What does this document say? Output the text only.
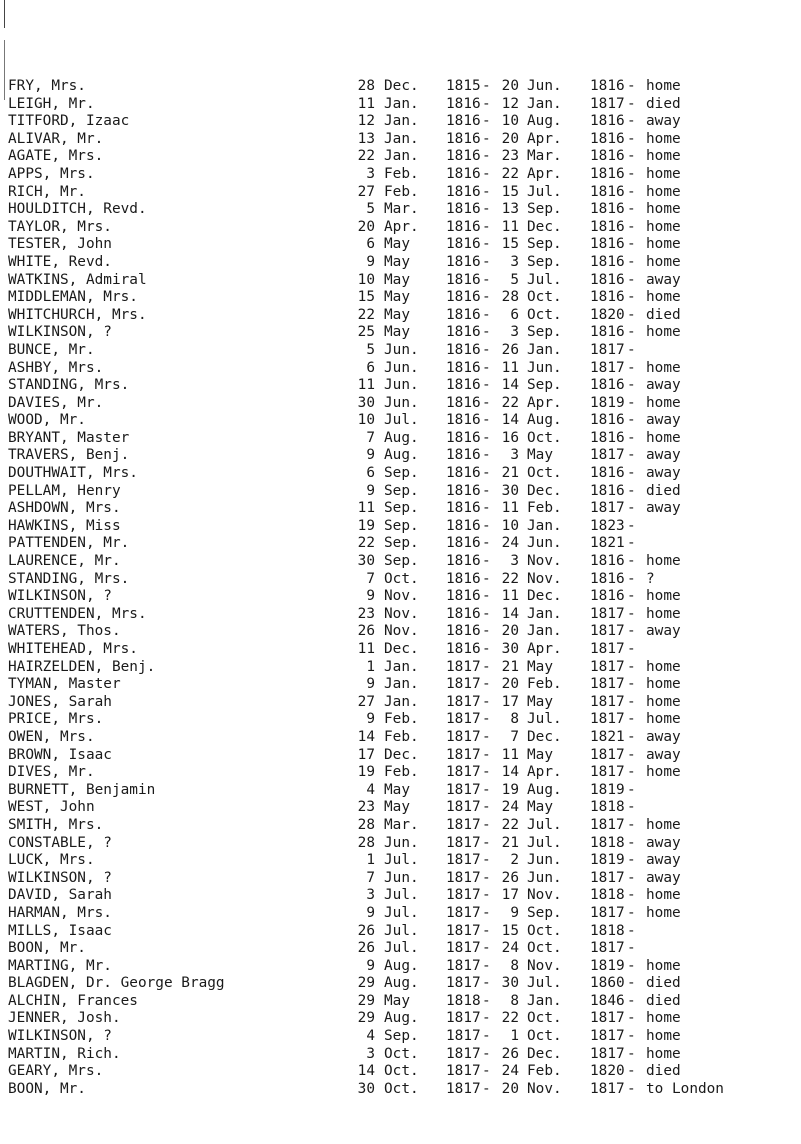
FRY, Mrs.	28 Dec. 1815 - 20 Jun. 1816 - home
LEIGH, Mr.	11 Jan. 1816 - 12 Jan. 1817 - died
TITFORD, Izaac	12 Jan. 1816 - 10 Aug. 1816 - away
ALIVAR, Mr.	13 Jan. 1816 - 20 Apr. 1816 - home
AGATE, Mrs.	22 Jan. 1816 - 23 Mar. 1816 - home
APPS, Mrs.	3 Feb. 1816 - 22 Apr. 1816 - home
RICH, Mr.	27 Feb. 1816 - 15 Jul. 1816 - home
HOULDITCH, Revd.	5 Mar. 1816 - 13 Sep. 1816 - home
TAYLOR, Mrs.	20 Apr. 1816 - 11 Dec. 1816 - home
TESTER, John	6 May	1816 - 15 Sep. 1816 - home
WHITE, Revd.	9 May	1816 -	3 Sep. 1816 - home
WATKINS, Admiral	10 May	1816 -	5 Jul. 1816 - away
MIDDLEMAN, Mrs.	15 May	1816 - 28 Oct. 1816 - home
WHITCHURCH, Mrs.	22 May	1816 -	6 Oct. 1820 - died
WILKINSON, ?	25 May	1816 -	3 Sep. 1816 - home
BUNCE, Mr.	5 Jun. 1816 - 26 Jan. 1817 -
ASHBY, Mrs.	6 Jun. 1816 - 11 Jun. 1817 - home
STANDING, Mrs.	11 Jun. 1816 - 14 Sep. 1816 - away
DAVIES, Mr.	30 Jun. 1816 - 22 Apr. 1819 - home
WOOD, Mr.	10 Jul. 1816 - 14 Aug. 1816 - away
BRYANT, Master	7 Aug. 1816 - 16 Oct. 1816 - home
TRAVERS, Benj.	9 Aug. 1816 -	3 May	1817 - away
DOUTHWAIT, Mrs.	6 Sep. 1816 - 21 Oct. 1816 - away
PELLAM, Henry	9 Sep. 1816 - 30 Dec. 1816 - died
ASHDOWN, Mrs.	11 Sep. 1816 - 11 Feb. 1817 - away
HAWKINS, Miss	19 Sep. 1816 - 10 Jan. 1823 -
PATTENDEN, Mr.	22 Sep. 1816 - 24 Jun. 1821 -
LAURENCE, Mr.	30 Sep. 1816 -	3 Nov. 1816 - home
STANDING, Mrs.	7 Oct. 1816 - 22 Nov. 1816 - ?
WILKINSON, ?	9 Nov. 1816 - 11 Dec. 1816 - home
CRUTTENDEN, Mrs.	23 Nov. 1816 - 14 Jan. 1817 - home
WATERS, Thos.	26 Nov. 1816 - 20 Jan. 1817 - away
WHITEHEAD, Mrs.	11 Dec. 1816 - 30 Apr. 1817 -
HAIRZELDEN, Benj.	1 Jan. 1817 - 21 May	1817 - home
TYMAN, Master	9 Jan. 1817 - 20 Feb. 1817 - home
JONES, Sarah	27 Jan. 1817 - 17 May	1817 - home
PRICE, Mrs.	9 Feb. 1817 -	8 Jul. 1817 - home
OWEN, Mrs.	14 Feb. 1817 -	7 Dec. 1821 - away
BROWN, Isaac	17 Dec. 1817 - 11 May	1817 - away
DIVES, Mr.	19 Feb. 1817 - 14 Apr. 1817 - home
BURNETT, Benjamin	4 May	1817 - 19 Aug. 1819 -
WEST, John	23 May	1817 - 24 May	1818 -
SMITH, Mrs.	28 Mar. 1817 - 22 Jul. 1817 - home
CONSTABLE, ?	28 Jun. 1817 - 21 Jul. 1818 - away
LUCK, Mrs.	1 Jul. 1817 -	2 Jun. 1819 - away
WILKINSON, ?	7 Jun. 1817 - 26 Jun. 1817 - away
DAVID, Sarah	3 Jul. 1817 - 17 Nov. 1818 - home
HARMAN, Mrs.	9 Jul. 1817 -	9 Sep. 1817 - home
MILLS, Isaac	26 Jul. 1817 - 15 Oct. 1818 -
BOON, Mr.	26 Jul. 1817 - 24 Oct. 1817 -
MARTING, Mr.	9 Aug. 1817 -	8 Nov. 1819 - home
BLAGDEN, Dr. George Bragg	29 Aug. 1817 - 30 Jul. 1860 - died
ALCHIN, Frances	29 May	1818 -	8 Jan. 1846 - died
JENNER, Josh.	29 Aug. 1817 - 22 Oct. 1817 - home
WILKINSON, ?	4 Sep. 1817 -	1 Oct. 1817 - home
MARTIN, Rich.	3 Oct. 1817 - 26 Dec. 1817 - home
GEARY, Mrs.	14 Oct. 1817 - 24 Feb. 1820 - died
BOON, Mr.	30 Oct. 1817 - 20 Nov. 1817 - to London
